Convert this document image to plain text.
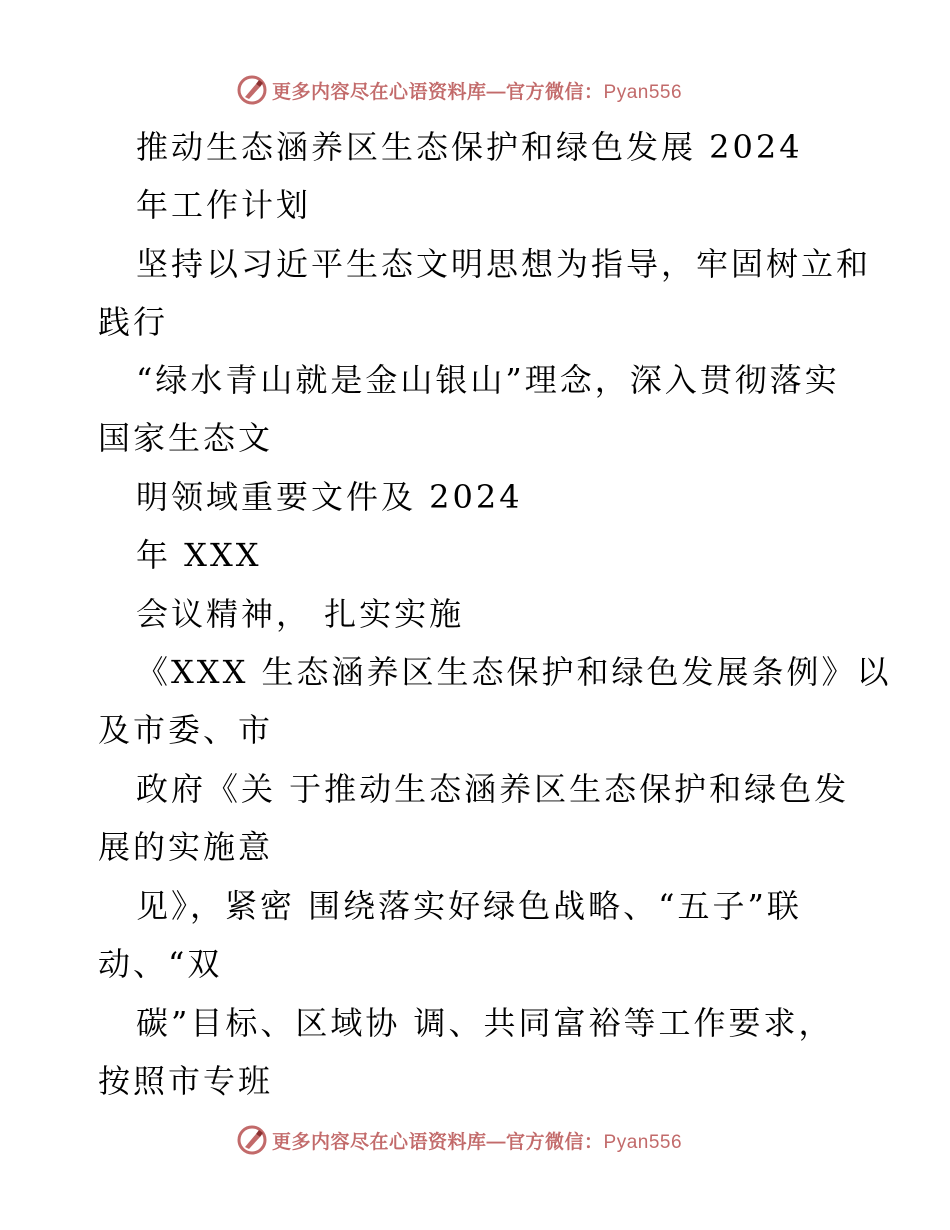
更多内容尽在心语资料库—官方微信：Pyan556
推动生态涵养区生态保护和绿色发展 2024
年工作计划
坚持以习近平生态文明思想为指导，牢固树立和
践行
“绿水青山就是金山银山”理念，深入贯彻落实
国家生态文
明领域重要文件及 2024
年 XXX
会议精神， 扎实实施
《XXX 生态涵养区生态保护和绿色发展条例》以
及市委、市
政府《关 于推动生态涵养区生态保护和绿色发
展的实施意
见》，紧密 围绕落实好绿色战略、“五子”联
动、“双
碳”目标、区域协 调、共同富裕等工作要求，
按照市专班
更多内容尽在心语资料库—官方微信：Pyan556
